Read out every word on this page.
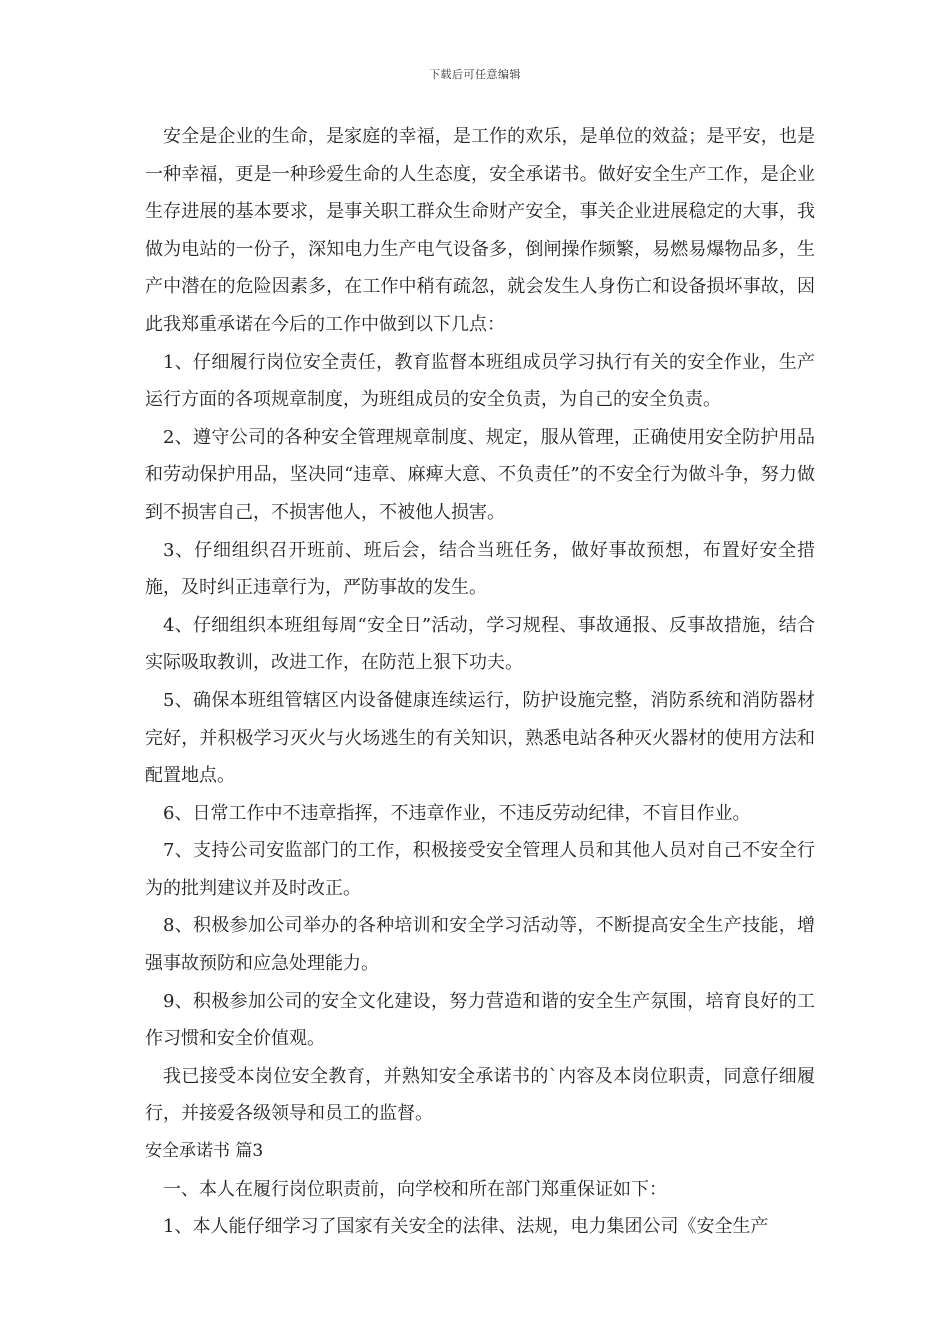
下载后可任意编辑

安全是企业的生命，是家庭的幸福，是工作的欢乐，是单位的效益；是平安，也是一种幸福，更是一种珍爱生命的人生态度，安全承诺书。做好安全生产工作，是企业生存进展的基本要求，是事关职工群众生命财产安全，事关企业进展稳定的大事，我做为电站的一份子，深知电力生产电气设备多，倒闸操作频繁，易燃易爆物品多，生产中潜在的危险因素多，在工作中稍有疏忽，就会发生人身伤亡和设备损坏事故，因此我郑重承诺在今后的工作中做到以下几点：

1、仔细履行岗位安全责任，教育监督本班组成员学习执行有关的安全作业，生产运行方面的各项规章制度，为班组成员的安全负责，为自己的安全负责。

2、遵守公司的各种安全管理规章制度、规定，服从管理，正确使用安全防护用品和劳动保护用品，坚决同“违章、麻痺大意、不负责任”的不安全行为做斗争，努力做到不损害自己，不损害他人，不被他人损害。

3、仔细组织召开班前、班后会，结合当班任务，做好事故预想，布置好安全措施，及时纠正违章行为，严防事故的发生。

4、仔细组织本班组每周“安全日”活动，学习规程、事故通报、反事故措施，结合实际吸取教训，改进工作，在防范上狠下功夫。

5、确保本班组管辖区内设备健康连续运行，防护设施完整，消防系统和消防器材完好，并积极学习灭火与火场逃生的有关知识，熟悉电站各种灭火器材的使用方法和配置地点。

6、日常工作中不违章指挥，不违章作业，不违反劳动纪律，不盲目作业。

7、支持公司安监部门的工作，积极接受安全管理人员和其他人员对自己不安全行为的批判建议并及时改正。

8、积极参加公司举办的各种培训和安全学习活动等，不断提高安全生产技能，增强事故预防和应急处理能力。

9、积极参加公司的安全文化建设，努力营造和谐的安全生产氛围，培育良好的工作习惯和安全价值观。

我已接受本岗位安全教育，并熟知安全承诺书的`内容及本岗位职责，同意仔细履行，并接爱各级领导和员工的监督。

安全承诺书 篇3

一、本人在履行岗位职责前，向学校和所在部门郑重保证如下：

1、本人能仔细学习了国家有关安全的法律、法规，电力集团公司《安全生产
